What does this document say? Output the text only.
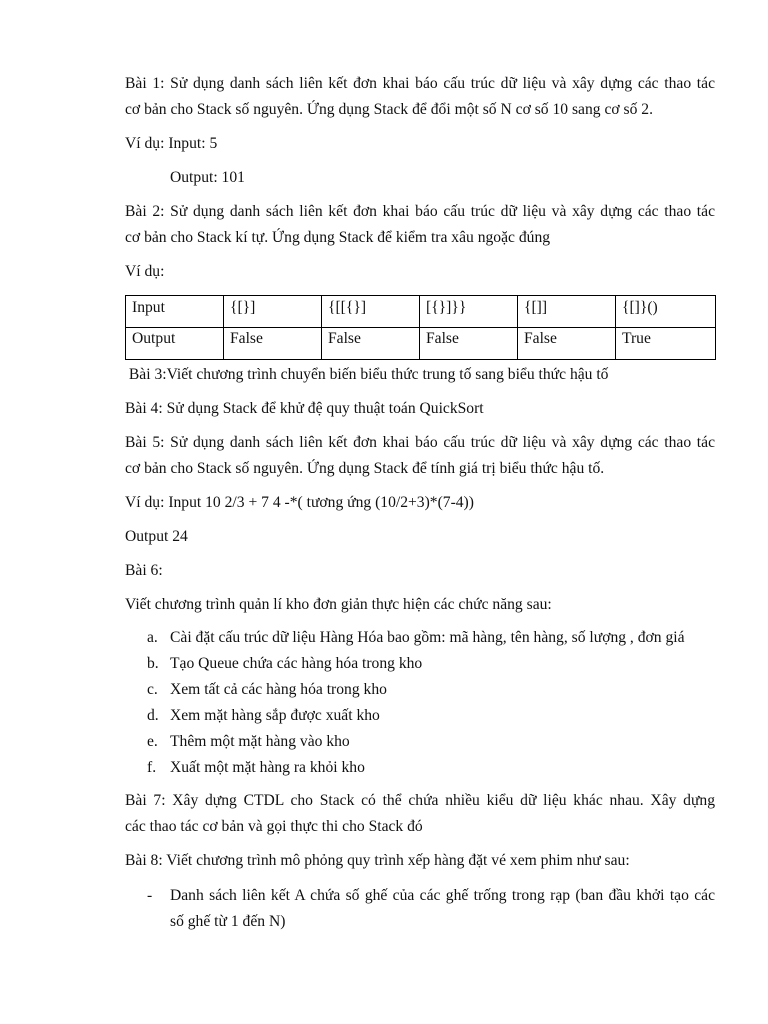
Bài 1: Sử dụng danh sách liên kết đơn khai báo cấu trúc dữ liệu và xây dựng các thao tác
cơ bản cho Stack số nguyên. Ứng dụng Stack để đổi một số N cơ số 10 sang cơ số 2.

Ví dụ: Input: 5

Output: 101

Bài 2: Sử dụng danh sách liên kết đơn khai báo cấu trúc dữ liệu và xây dựng các thao tác
cơ bản cho Stack kí tự. Ứng dụng Stack để kiểm tra xâu ngoặc đúng

Ví dụ:

Input	{[}]	{[[{}]	[{}]}}	{[]]	{[]}()
Output	False	False	False	False	True

Bài 3:Viết chương trình chuyển biến biểu thức trung tố sang biểu thức hậu tố

Bài 4: Sử dụng Stack để khử đệ quy thuật toán QuickSort

Bài 5: Sử dụng danh sách liên kết đơn khai báo cấu trúc dữ liệu và xây dựng các thao tác
cơ bản cho Stack số nguyên. Ứng dụng Stack để tính giá trị biểu thức hậu tố.

Ví dụ: Input 10 2/3 + 7 4 -*( tương ứng (10/2+3)*(7-4))

Output 24

Bài 6:

Viết chương trình quản lí kho đơn giản thực hiện các chức năng sau:

a. Cài đặt cấu trúc dữ liệu Hàng Hóa bao gồm: mã hàng, tên hàng, số lượng , đơn giá
b. Tạo Queue chứa các hàng hóa trong kho
c. Xem tất cả các hàng hóa trong kho
d. Xem mặt hàng sắp được xuất kho
e. Thêm một mặt hàng vào kho
f. Xuất một mặt hàng ra khỏi kho

Bài 7: Xây dựng CTDL cho Stack có thể chứa nhiều kiểu dữ liệu khác nhau. Xây dựng
các thao tác cơ bản và gọi thực thi cho Stack đó

Bài 8: Viết chương trình mô phỏng quy trình xếp hàng đặt vé xem phim như sau:

- Danh sách liên kết A chứa số ghế của các ghế trống trong rạp (ban đầu khởi tạo các
số ghế từ 1 đến N)
